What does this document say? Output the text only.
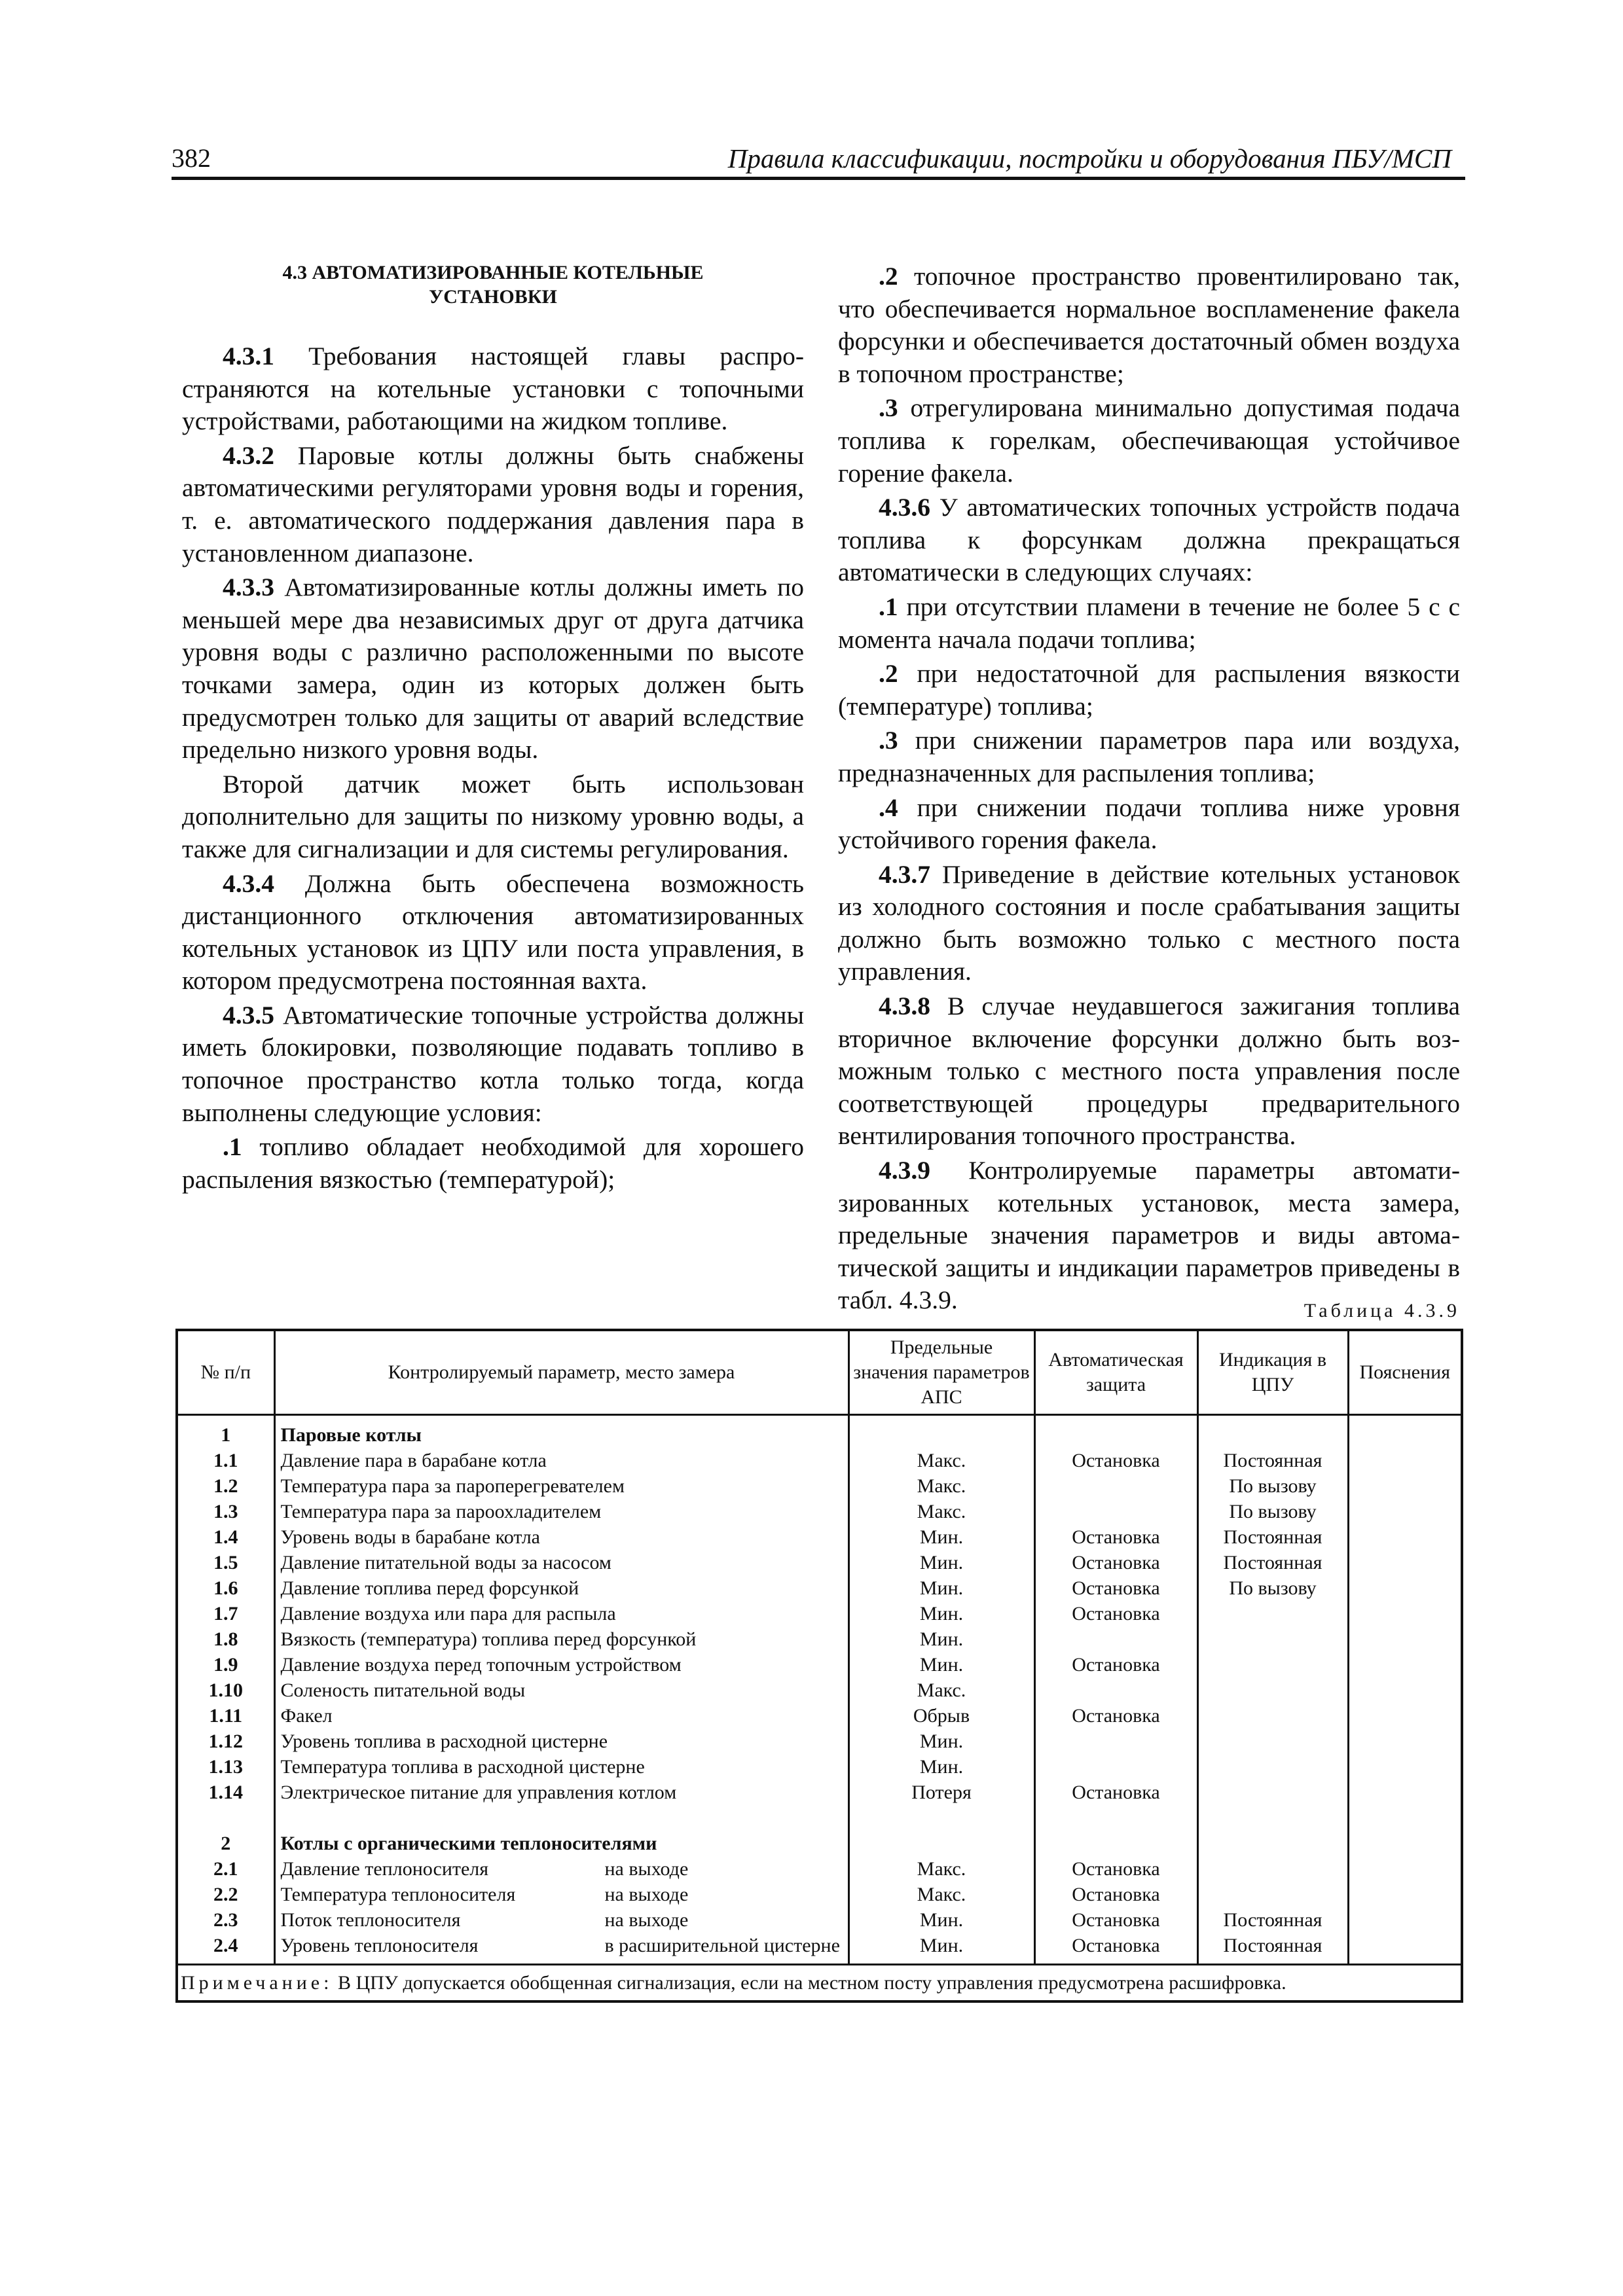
382	Правила классификации, постройки и оборудования ПБУ/МСП
4.3 АВТОМАТИЗИРОВАННЫЕ КОТЕЛЬНЫЕ
УСТАНОВКИ

4.3.1 Требования настоящей главы распространяются на котельные установки с топочными устройствами, работающими на жидком топливе.

4.3.2 Паровые котлы должны быть снабжены автоматическими регуляторами уровня воды и горения, т. е. автоматического поддержания давления пара в установленном диапазоне.

4.3.3 Автоматизированные котлы должны иметь по меньшей мере два независимых друг от друга датчика уровня воды с различно расположенными по высоте точками замера, один из которых должен быть предусмотрен только для защиты от аварий вследствие предельно низкого уровня воды.

Второй датчик может быть использован дополнительно для защиты по низкому уровню воды, а также для сигнализации и для системы регулирования.

4.3.4 Должна быть обеспечена возможность дистанционного отключения автоматизированных котельных установок из ЦПУ или поста управления, в котором предусмотрена постоянная вахта.

4.3.5 Автоматические топочные устройства должны иметь блокировки, позволяющие подавать топливо в топочное пространство котла только тогда, когда выполнены следующие условия:

.1 топливо обладает необходимой для хорошего распыления вязкостью (температурой);

.2 топочное пространство провентилировано так, что обеспечивается нормальное воспламенение факела форсунки и обеспечивается достаточный обмен воздуха в топочном пространстве;

.3 отрегулирована минимально допустимая подача топлива к горелкам, обеспечивающая устойчивое горение факела.

4.3.6 У автоматических топочных устройств подача топлива к форсункам должна прекращаться автоматически в следующих случаях:

.1 при отсутствии пламени в течение не более 5 с с момента начала подачи топлива;

.2 при недостаточной для распыления вязкости (температуре) топлива;

.3 при снижении параметров пара или воздуха, предназначенных для распыления топлива;

.4 при снижении подачи топлива ниже уровня устойчивого горения факела.

4.3.7 Приведение в действие котельных установок из холодного состояния и после срабатывания защиты должно быть возможно только с местного поста управления.

4.3.8 В случае неудавшегося зажигания топлива вторичное включение форсунки должно быть возможным только с местного поста управления после соответствующей процедуры предварительного вентилирования топочного пространства.

4.3.9 Контролируемые параметры автоматизированных котельных установок, места замера, предельные значения параметров и виды автоматической защиты и индикации параметров приведены в табл. 4.3.9.	Таблица 4.3.9
№ п/п	Контролируемый параметр, место замера	Предельные значения параметров АПС	Автоматическая защита	Индикация в ЦПУ	Пояснения
1	Паровые котлы				
1.1	Давление пара в барабане котла	Макс.	Остановка	Постоянная	
1.2	Температура пара за пароперегревателем	Макс.		По вызову	
1.3	Температура пара за пароохладителем	Макс.		По вызову	
1.4	Уровень воды в барабане котла	Мин.	Остановка	Постоянная	
1.5	Давление питательной воды за насосом	Мин.	Остановка	Постоянная	
1.6	Давление топлива перед форсункой	Мин.	Остановка	По вызову	
1.7	Давление воздуха или пара для распыла	Мин.	Остановка		
1.8	Вязкость (температура) топлива перед форсункой	Мин.			
1.9	Давление воздуха перед топочным устройством	Мин.	Остановка		
1.10	Соленость питательной воды	Макс.			
1.11	Факел	Обрыв	Остановка		
1.12	Уровень топлива в расходной цистерне	Мин.			
1.13	Температура топлива в расходной цистерне	Мин.			
1.14	Электрическое питание для управления котлом	Потеря	Остановка		

2	Котлы с органическими теплоносителями				
2.1	Давление теплоносителя на выходе	Макс.	Остановка		
2.2	Температура теплоносителя на выходе	Макс.	Остановка		
2.3	Поток теплоносителя на выходе	Мин.	Остановка	Постоянная	
2.4	Уровень теплоносителя в расширительной цистерне	Мин.	Остановка	Постоянная	
Примечание: В ЦПУ допускается обобщенная сигнализация, если на местном посту управления предусмотрена расшифровка.					
